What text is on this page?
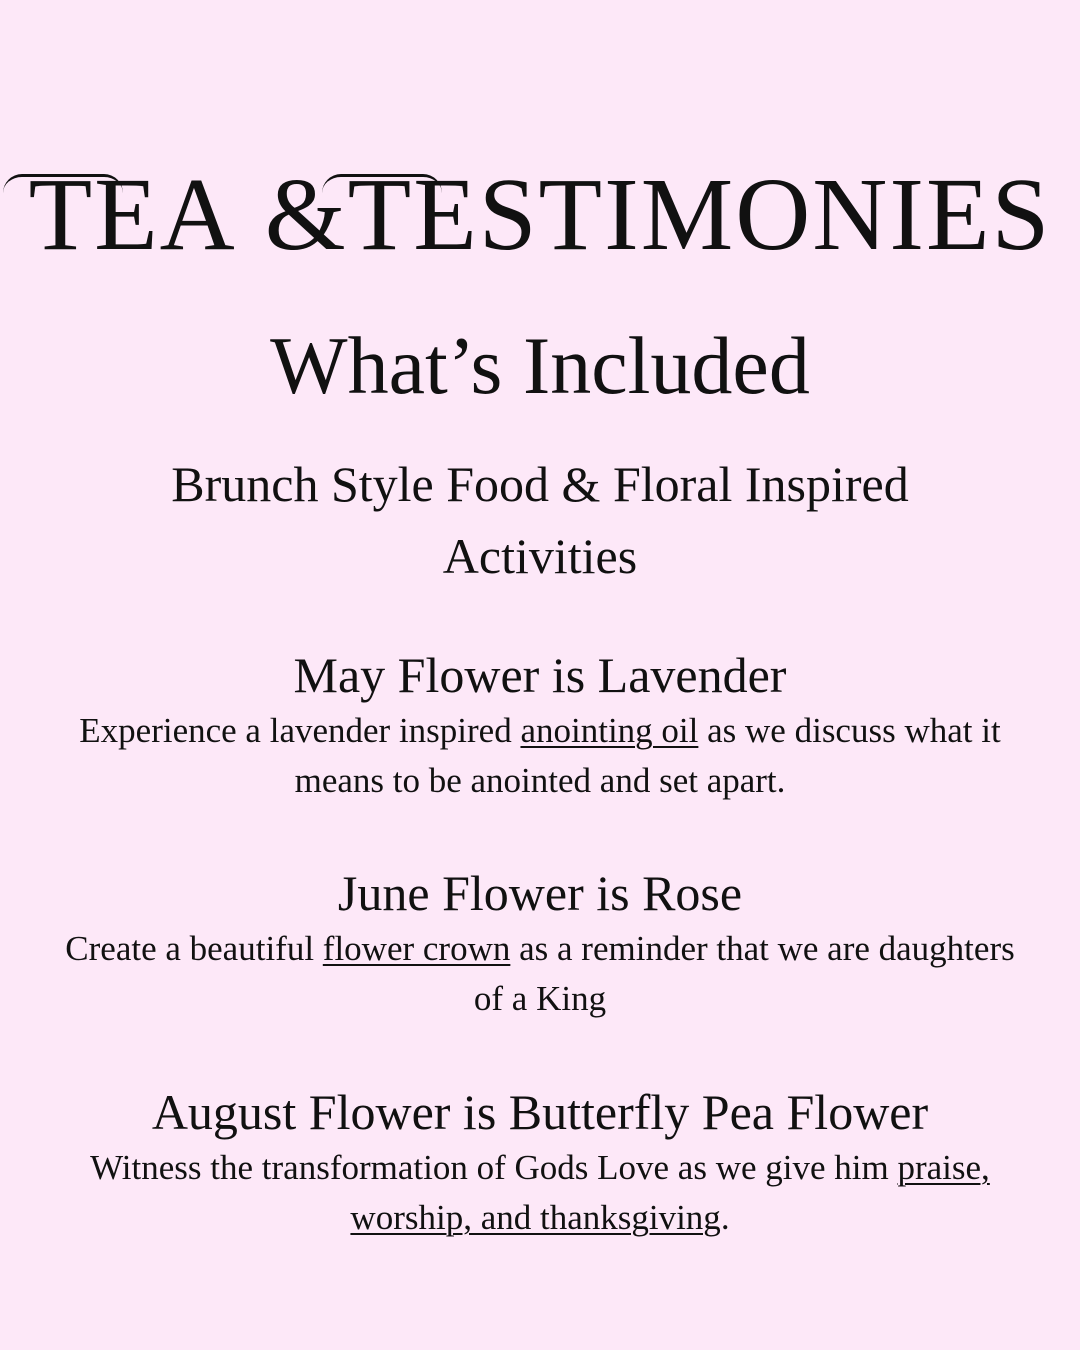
TEA &TESTIMONIES
What’s Included
Brunch Style Food & Floral Inspired Activities

May Flower is Lavender

Experience a lavender inspired anointing oil as we discuss what it means to be anointed and set apart.

June Flower is Rose

Create a beautiful flower crown as a reminder that we are daughters of a King

August Flower is Butterfly Pea Flower

Witness the transformation of Gods Love as we give him praise, worship, and thanksgiving.
